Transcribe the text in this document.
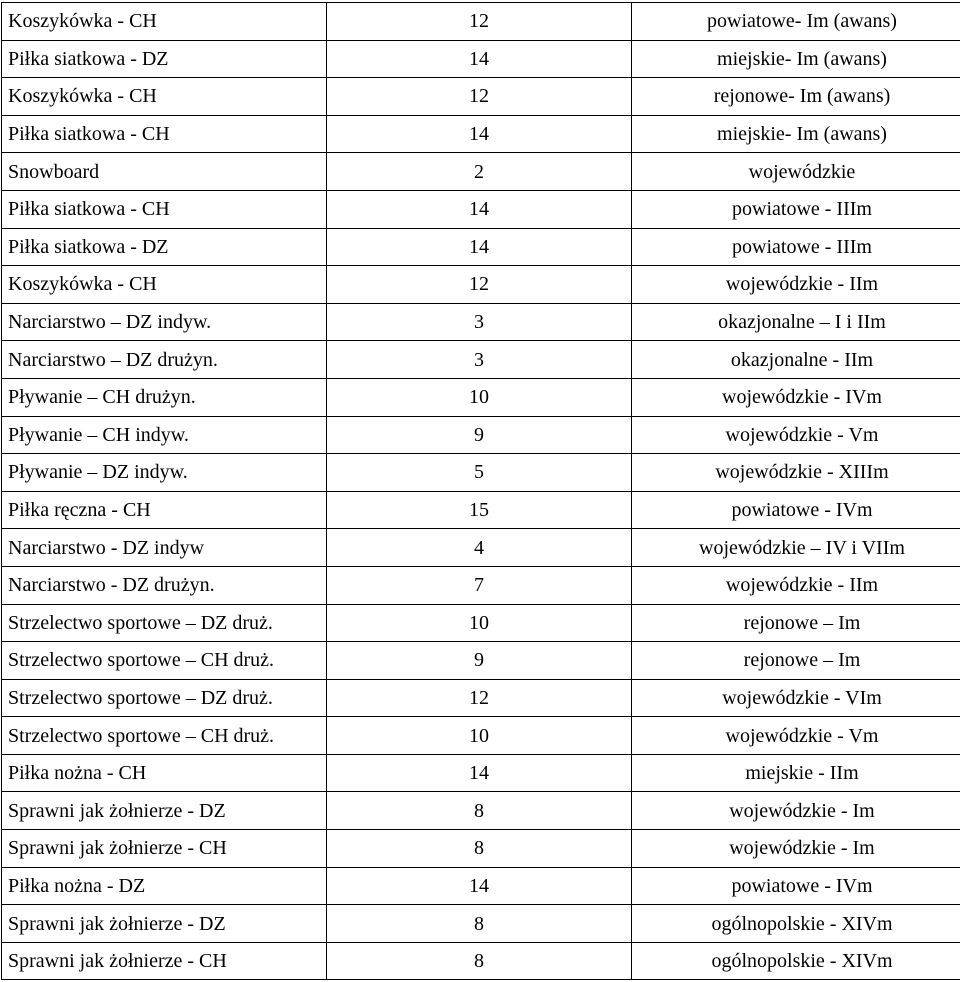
Koszykówka - CH	12	powiatowe- Im (awans)
Piłka siatkowa - DZ	14	miejskie- Im (awans)
Koszykówka - CH	12	rejonowe- Im (awans)
Piłka siatkowa - CH	14	miejskie- Im (awans)
Snowboard	2	wojewódzkie
Piłka siatkowa - CH	14	powiatowe - IIIm
Piłka siatkowa - DZ	14	powiatowe - IIIm
Koszykówka - CH	12	wojewódzkie - IIm
Narciarstwo – DZ indyw.	3	okazjonalne – I i IIm
Narciarstwo – DZ drużyn.	3	okazjonalne - IIm
Pływanie – CH drużyn.	10	wojewódzkie - IVm
Pływanie – CH indyw.	9	wojewódzkie - Vm
Pływanie – DZ indyw.	5	wojewódzkie - XIIIm
Piłka ręczna - CH	15	powiatowe - IVm
Narciarstwo - DZ indyw	4	wojewódzkie – IV i VIIm
Narciarstwo - DZ drużyn.	7	wojewódzkie - IIm
Strzelectwo sportowe – DZ druż.	10	rejonowe – Im
Strzelectwo sportowe – CH druż.	9	rejonowe – Im
Strzelectwo sportowe – DZ druż.	12	wojewódzkie - VIm
Strzelectwo sportowe – CH druż.	10	wojewódzkie - Vm
Piłka nożna - CH	14	miejskie - IIm
Sprawni jak żołnierze - DZ	8	wojewódzkie - Im
Sprawni jak żołnierze - CH	8	wojewódzkie - Im
Piłka nożna - DZ	14	powiatowe - IVm
Sprawni jak żołnierze - DZ	8	ogólnopolskie - XIVm
Sprawni jak żołnierze - CH	8	ogólnopolskie - XIVm
